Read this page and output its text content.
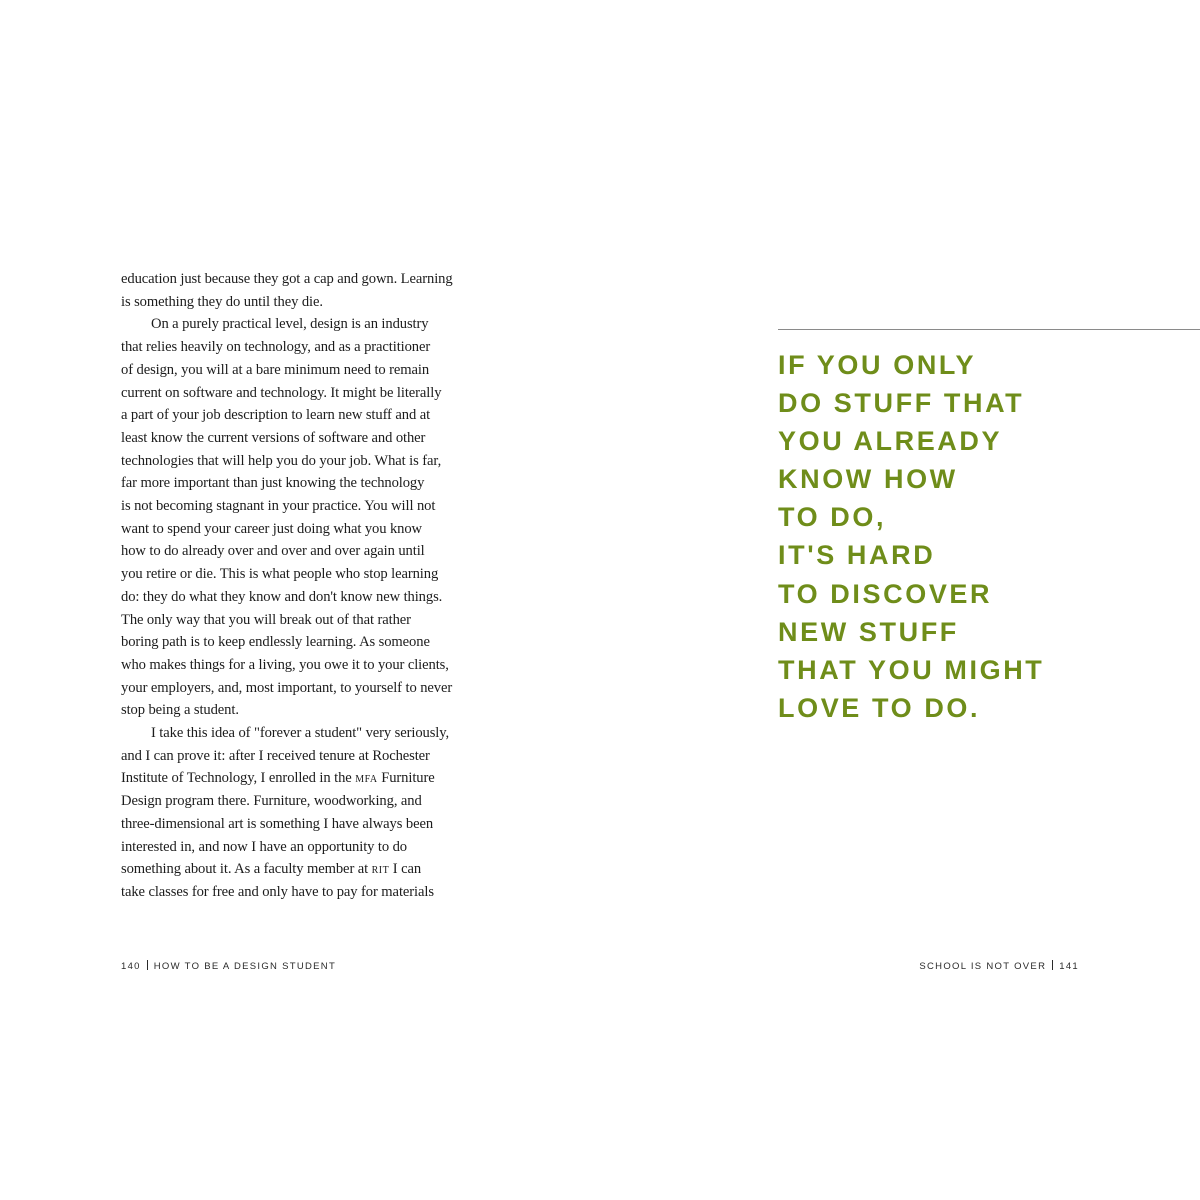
education just because they got a cap and gown. Learning
is something they do until they die.
On a purely practical level, design is an industry
that relies heavily on technology, and as a practitioner
of design, you will at a bare minimum need to remain
current on software and technology. It might be literally
a part of your job description to learn new stuff and at
least know the current versions of software and other
technologies that will help you do your job. What is far,
far more important than just knowing the technology
is not becoming stagnant in your practice. You will not
want to spend your career just doing what you know
how to do already over and over and over again until
you retire or die. This is what people who stop learning
do: they do what they know and don't know new things.
The only way that you will break out of that rather
boring path is to keep endlessly learning. As someone
who makes things for a living, you owe it to your clients,
your employers, and, most important, to yourself to never
stop being a student.
I take this idea of "forever a student" very seriously,
and I can prove it: after I received tenure at Rochester
Institute of Technology, I enrolled in the mfa Furniture
Design program there. Furniture, woodworking, and
three-dimensional art is something I have always been
interested in, and now I have an opportunity to do
something about it. As a faculty member at rit I can
take classes for free and only have to pay for materials
140 HOW TO BE A DESIGN STUDENT
IF YOU ONLY
DO STUFF THAT
YOU ALREADY
KNOW HOW
TO DO,
IT'S HARD
TO DISCOVER
NEW STUFF
THAT YOU MIGHT
LOVE TO DO.
SCHOOL IS NOT OVER 141
